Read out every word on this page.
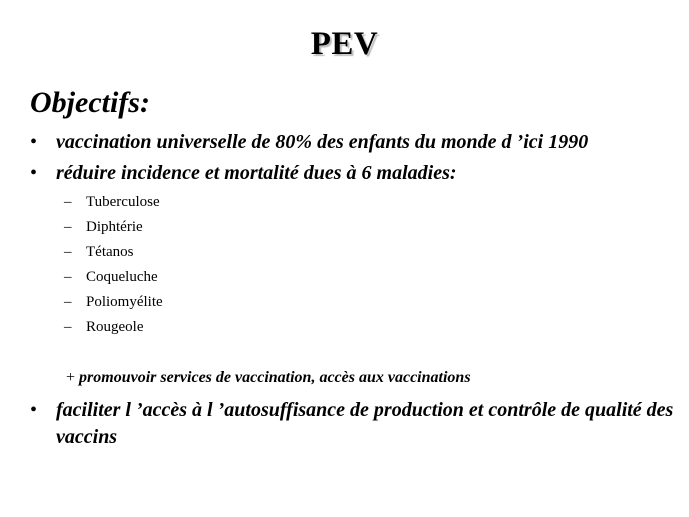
PEV
Objectifs:
• vaccination universelle de 80% des enfants du monde d ’ici 1990
• réduire incidence et mortalité dues à 6 maladies:
– Tuberculose
– Diphtérie
– Tétanos
– Coqueluche
– Poliomyélite
– Rougeole
+ promouvoir services de vaccination, accès aux vaccinations
• faciliter l ’accès à l ’autosuffisance de production et contrôle de qualité des vaccins
